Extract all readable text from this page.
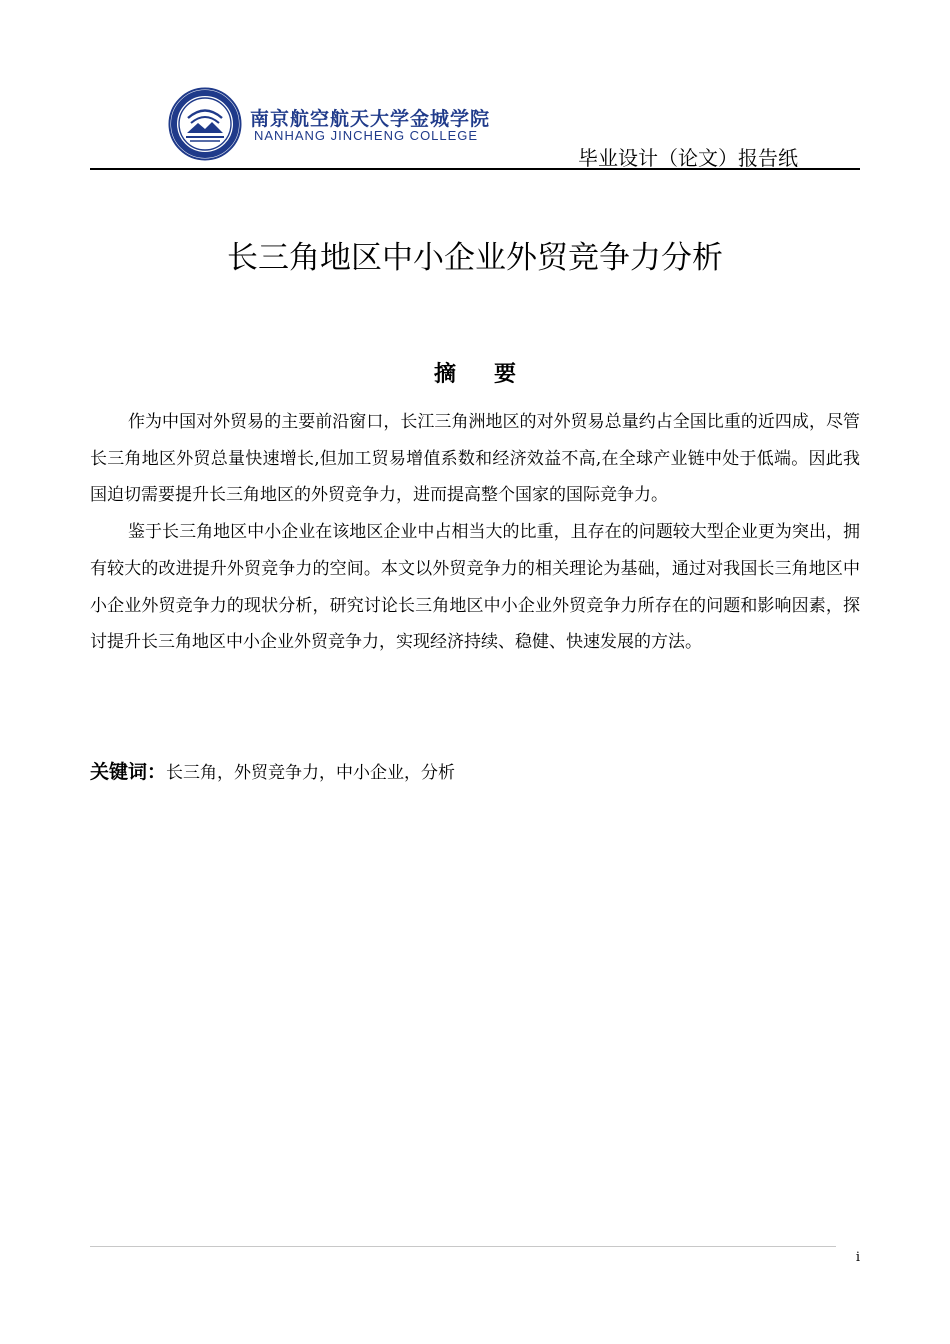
南京航空航天大学金城学院
NANHANG JINCHENG COLLEGE
毕业设计（论文）报告纸
长三角地区中小企业外贸竞争力分析
摘要

作为中国对外贸易的主要前沿窗口，长江三角洲地区的对外贸易总量约占全国比重的近四成，尽管长三角地区外贸总量快速增长,但加工贸易增值系数和经济效益不高,在全球产业链中处于低端。因此我国迫切需要提升长三角地区的外贸竞争力，进而提高整个国家的国际竞争力。

鉴于长三角地区中小企业在该地区企业中占相当大的比重，且存在的问题较大型企业更为突出，拥有较大的改进提升外贸竞争力的空间。本文以外贸竞争力的相关理论为基础，通过对我国长三角地区中小企业外贸竞争力的现状分析，研究讨论长三角地区中小企业外贸竞争力所存在的问题和影响因素，探讨提升长三角地区中小企业外贸竞争力，实现经济持续、稳健、快速发展的方法。

关键词：长三角，外贸竞争力，中小企业，分析
i
